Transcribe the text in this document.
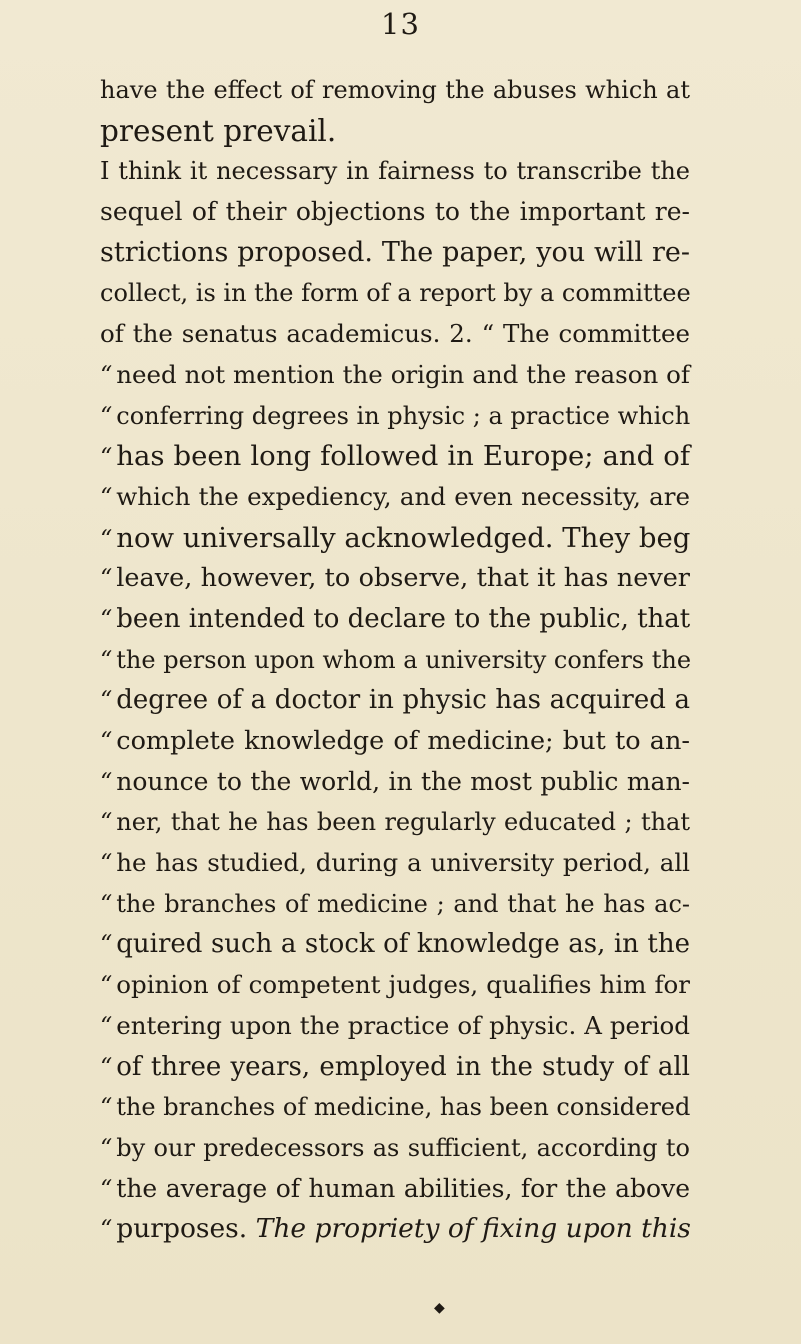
13
have the effect of removing the abuses which at
present prevail.
I think it necessary in fairness to transcribe the
sequel of their objections to the important re-
strictions proposed. The paper, you will re-
collect, is in the form of a report by a committee
of the senatus academicus. 2. “ The committee
“ need not mention the origin and the reason of
“ conferring degrees in physic ; a practice which
“ has been long followed in Europe; and of
“ which the expediency, and even necessity, are
“ now universally acknowledged. They beg
“ leave, however, to observe, that it has never
“ been intended to declare to the public, that
“ the person upon whom a university confers the
“ degree of a doctor in physic has acquired a
“ complete knowledge of medicine; but to an-
“ nounce to the world, in the most public man-
“ ner, that he has been regularly educated ; that
“ he has studied, during a university period, all
“ the branches of medicine ; and that he has ac-
“ quired such a stock of knowledge as, in the
“ opinion of competent judges, qualifies him for
“ entering upon the practice of physic. A period
“ of three years, employed in the study of all
“ the branches of medicine, has been considered
“ by our predecessors as sufficient, according to
“ the average of human abilities, for the above
“ purposes. The propriety of fixing upon this
◆
